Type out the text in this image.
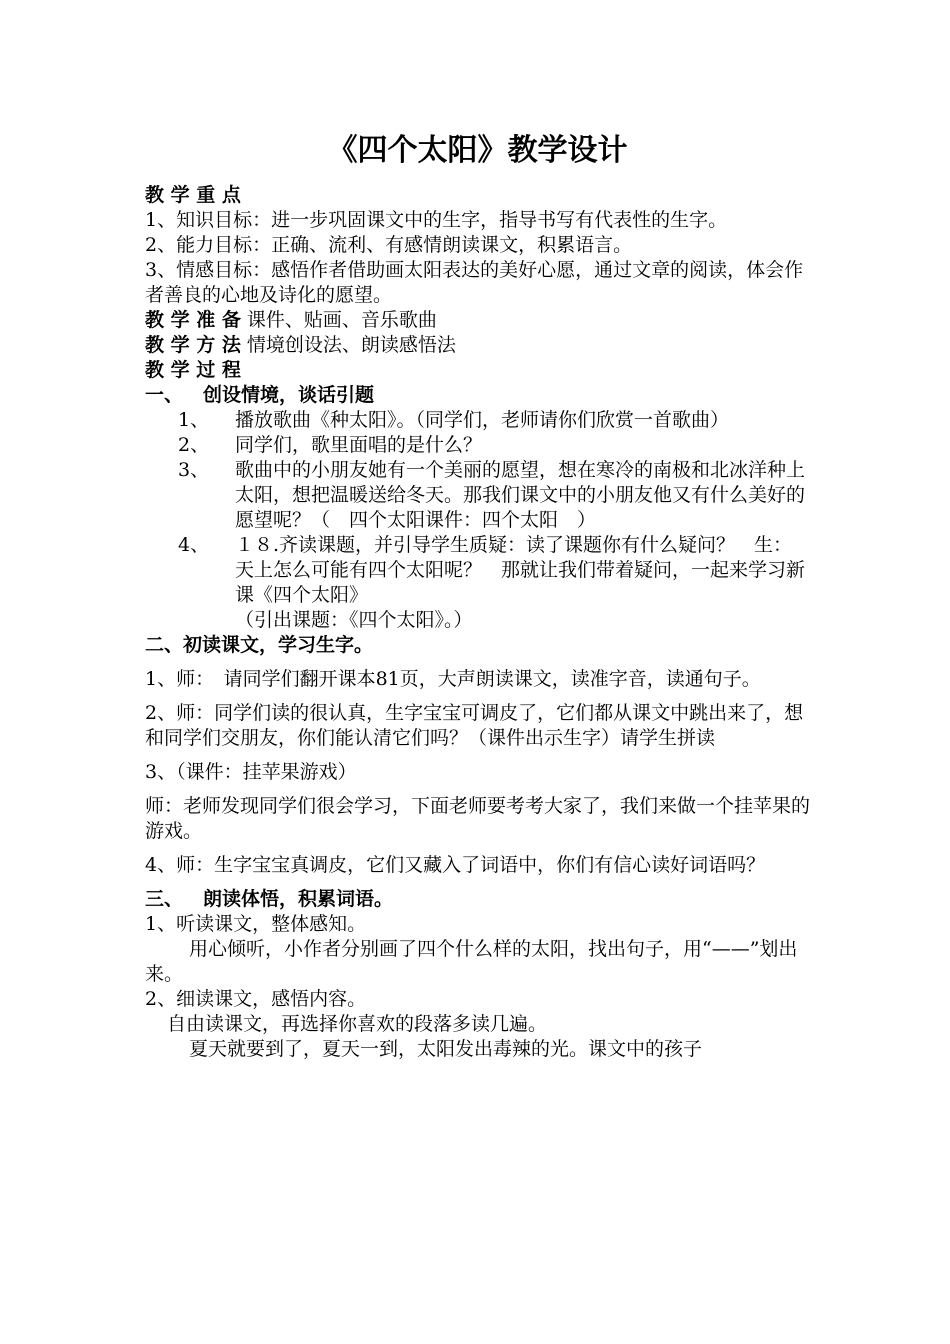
《四个太阳》教学设计

教 学 重 点

1、知识目标：进一步巩固课文中的生字，指导书写有代表性的生字。

2、能力目标：正确、流利、有感情朗读课文，积累语言。

3、情感目标：感悟作者借助画太阳表达的美好心愿，通过文章的阅读，体会作者善良的心地及诗化的愿望。

教 学 准 备 课件、贴画、音乐歌曲

教 学 方 法 情境创设法、朗读感悟法

教 学 过 程

一、	创设情境，谈话引题
1、	播放歌曲《种太阳》。（同学们，老师请你们欣赏一首歌曲）
2、	同学们，歌里面唱的是什么？
3、	歌曲中的小朋友她有一个美丽的愿望，想在寒冷的南极和北冰洋种上太阳，想把温暖送给冬天。那我们课文中的小朋友他又有什么美好的愿望呢？（　四个太阳课件：四个太阳　）
4、	１８.齐读课题，并引导学生质疑：读了课题你有什么疑问？　生：天上怎么可能有四个太阳呢？　那就让我们带着疑问，一起来学习新课《四个太阳》
（引出课题：《四个太阳》。）

二、初读课文，学习生字。

1、师：　请同学们翻开课本81页，大声朗读课文，读准字音，读通句子。

2、师：同学们读的很认真，生字宝宝可调皮了，它们都从课文中跳出来了，想和同学们交朋友，你们能认清它们吗？（课件出示生字）请学生拼读

3、（课件：挂苹果游戏）

师：老师发现同学们很会学习，下面老师要考考大家了，我们来做一个挂苹果的游戏。

4、师：生字宝宝真调皮，它们又藏入了词语中，你们有信心读好词语吗？

三、	朗读体悟，积累词语。

1、听读课文，整体感知。

用心倾听，小作者分别画了四个什么样的太阳，找出句子，用“——”划出来。

2、细读课文，感悟内容。

自由读课文，再选择你喜欢的段落多读几遍。

夏天就要到了，夏天一到，太阳发出毒辣的光。课文中的孩子
